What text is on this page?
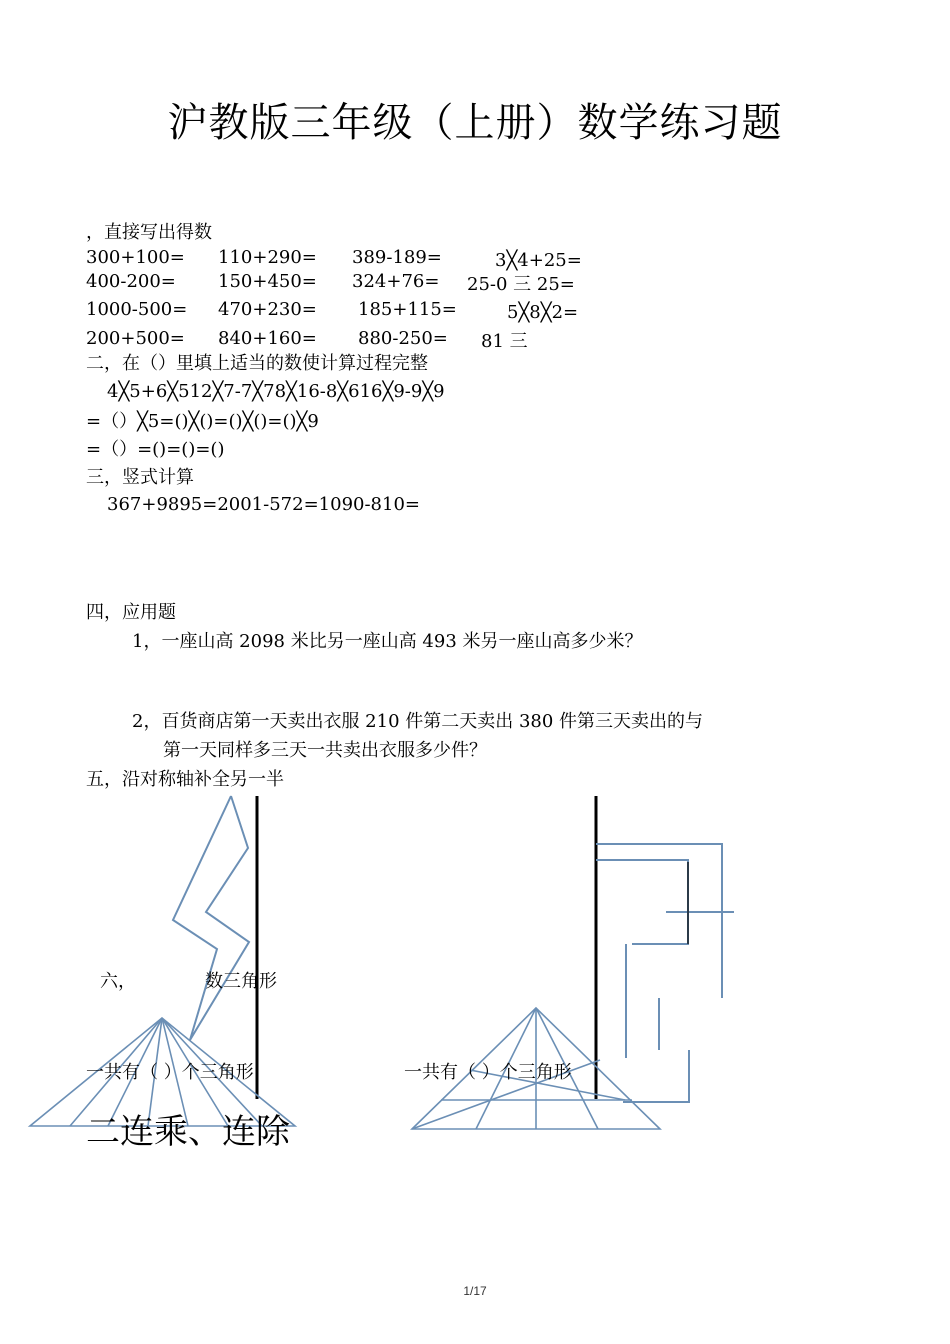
沪教版三年级（上册）数学练习题
，直接写出得数
300+100= 110+290= 389-189=	3╳4+25=
400-200= 150+450= 324+76= 25-0 三 25=
1000-500= 470+230= 185+115=	5╳8╳2=
200+500= 840+160= 880-250= 81 三
二，在（）里填上适当的数使计算过程完整
4╳5+6╳512╳7-7╳78╳16-8╳616╳9-9╳9
=（）╳5=()╳()=()╳()=()╳9
=（）=()=()=()
三，竖式计算
367+9895=2001-572=1090-810=
四，应用题
1，一座山高 2098 米比另一座山高 493 米另一座山高多少米？
2，百货商店第一天卖出衣服 210 件第二天卖出 380 件第三天卖出的与
第一天同样多三天一共卖出衣服多少件？
五，沿对称轴补全另一半
六，	数三角形
一共有（ ）个三角形	一共有（ ）个三角形
二连乘、连除
1/17
